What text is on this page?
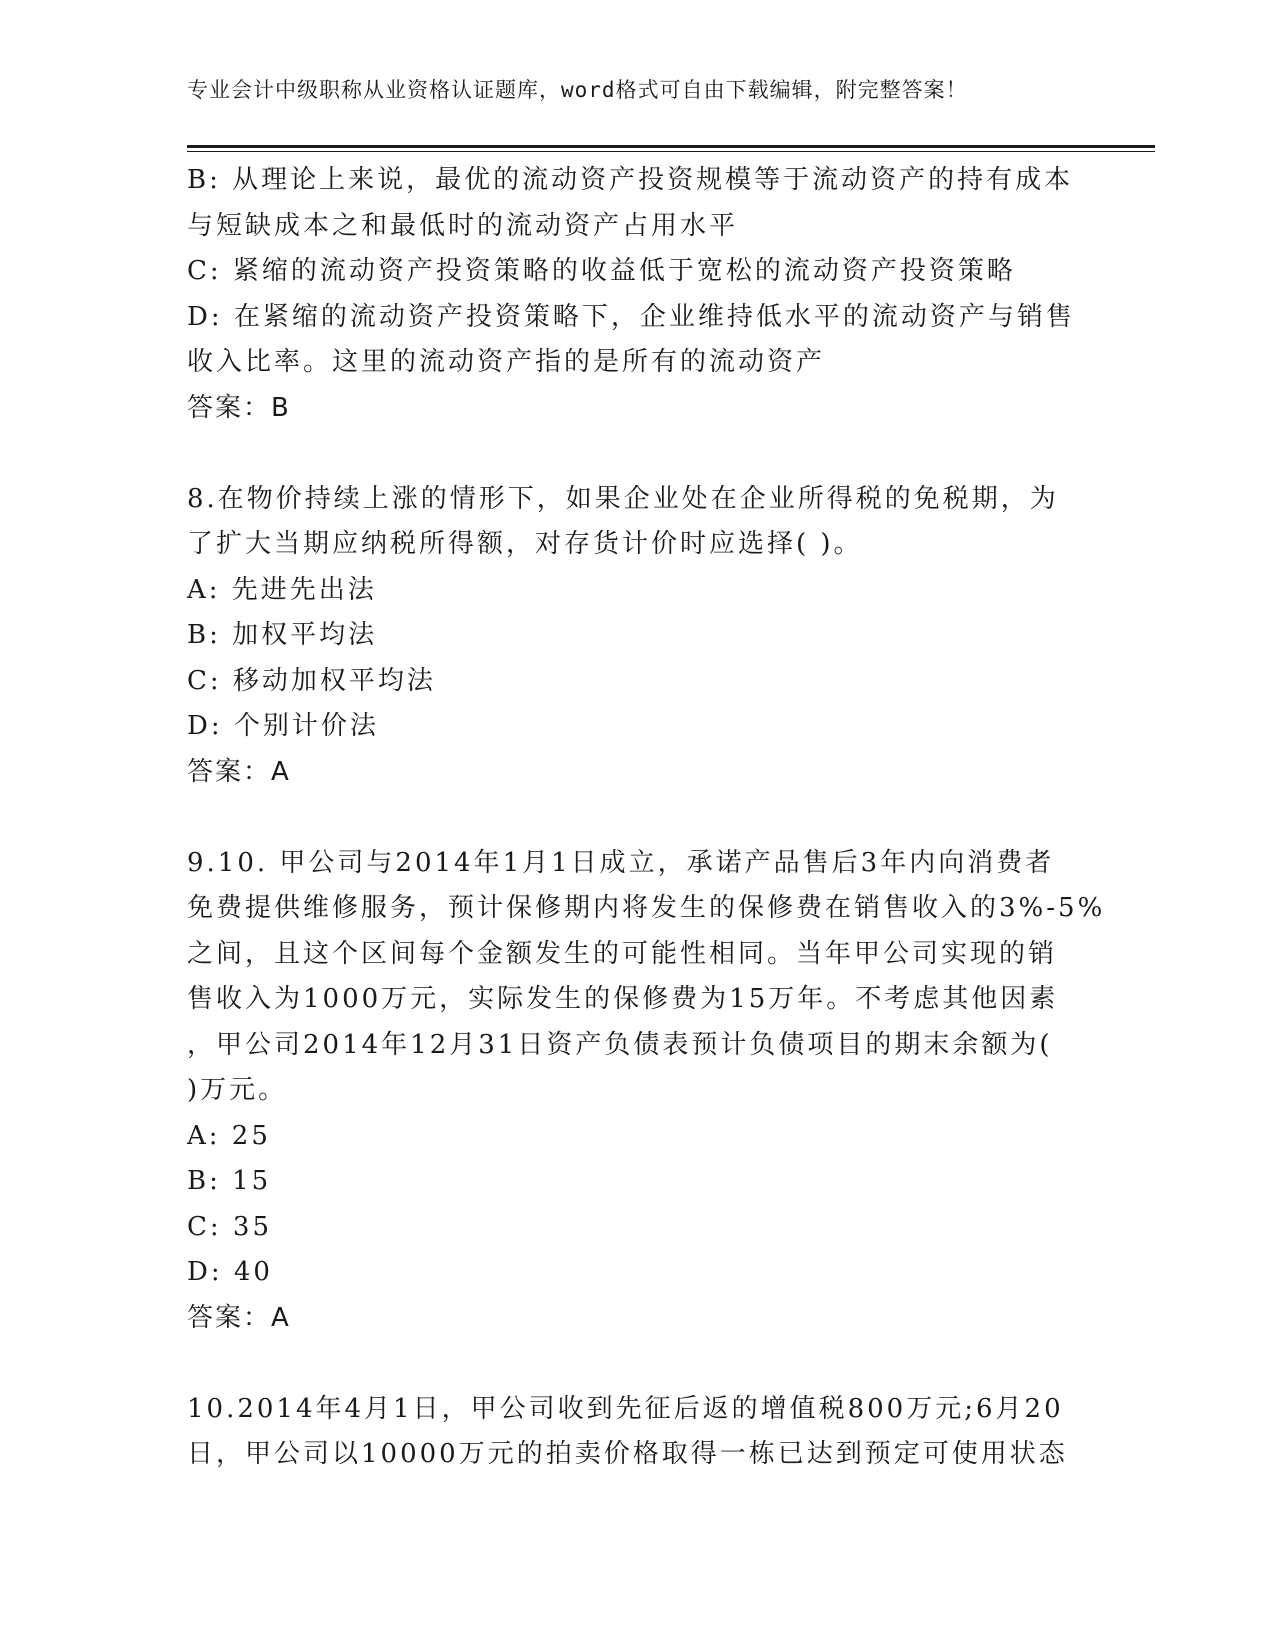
专业会计中级职称从业资格认证题库，word格式可自由下载编辑，附完整答案！
B: 从理论上来说，最优的流动资产投资规模等于流动资产的持有成本
与短缺成本之和最低时的流动资产占用水平
C: 紧缩的流动资产投资策略的收益低于宽松的流动资产投资策略
D: 在紧缩的流动资产投资策略下，企业维持低水平的流动资产与销售
收入比率。这里的流动资产指的是所有的流动资产
答案：B
8.在物价持续上涨的情形下，如果企业处在企业所得税的免税期，为
了扩大当期应纳税所得额，对存货计价时应选择( )。
A: 先进先出法
B: 加权平均法
C: 移动加权平均法
D: 个别计价法
答案：A
9.10. 甲公司与2014年1月1日成立，承诺产品售后3年内向消费者
免费提供维修服务，预计保修期内将发生的保修费在销售收入的3%-5%
之间，且这个区间每个金额发生的可能性相同。当年甲公司实现的销
售收入为1000万元，实际发生的保修费为15万年。不考虑其他因素
，甲公司2014年12月31日资产负债表预计负债项目的期末余额为(
)万元。
A: 25
B: 15
C: 35
D: 40
答案：A
10.2014年4月1日，甲公司收到先征后返的增值税800万元;6月20
日，甲公司以10000万元的拍卖价格取得一栋已达到预定可使用状态
